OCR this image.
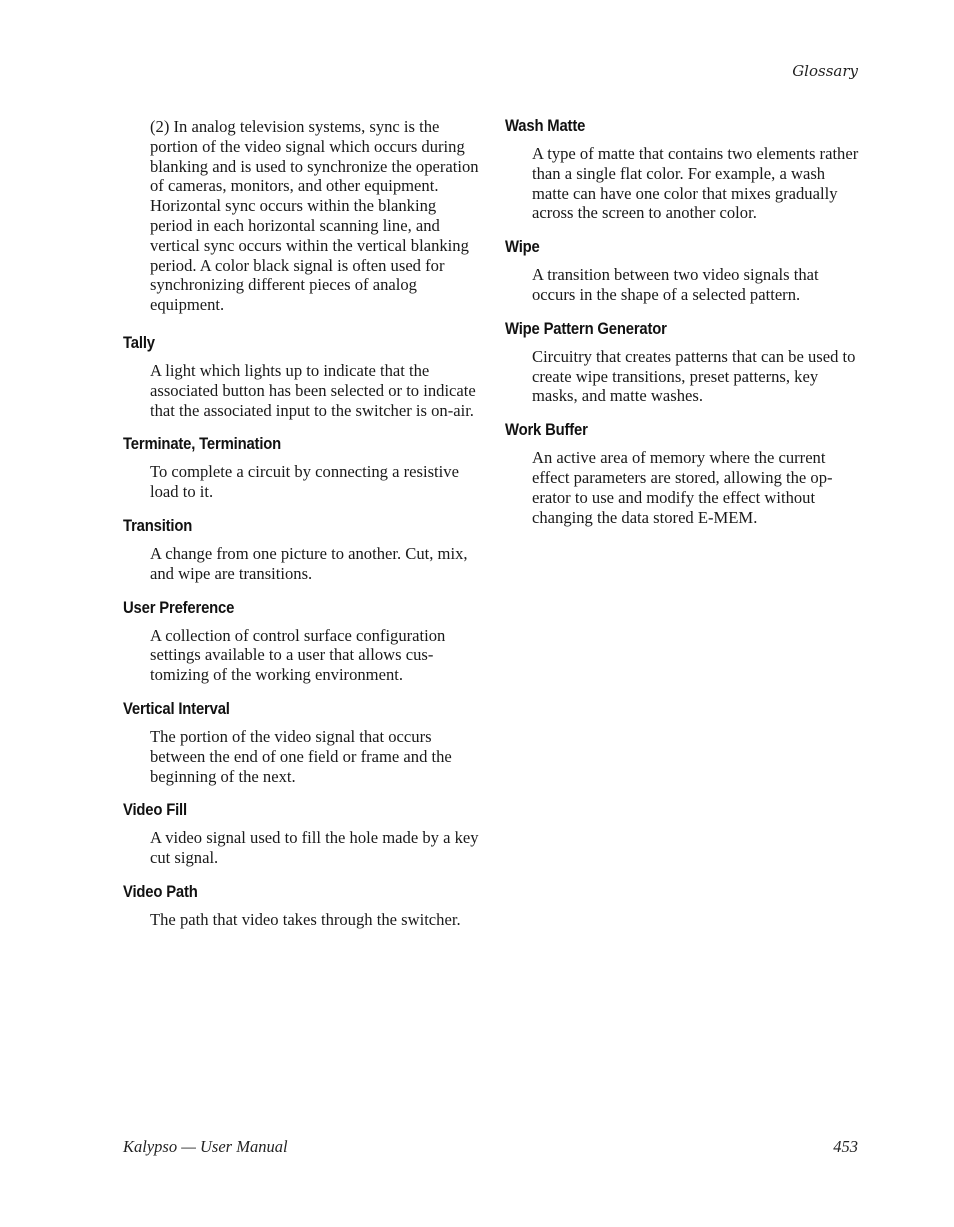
Glossary

(2) In analog television systems, sync is the portion of the video signal which occurs during blanking and is used to synchronize the operation of cameras, monitors, and other equipment. Horizontal sync occurs within the blanking period in each horizontal scanning line, and vertical sync occurs within the vertical blanking period. A color black signal is often used for synchronizing different pieces of analog equipment.

Tally

A light which lights up to indicate that the associated button has been selected or to indicate that the associated input to the switcher is on-air.

Terminate, Termination

To complete a circuit by connecting a resistive load to it.

Transition

A change from one picture to another. Cut, mix, and wipe are transitions.

User Preference

A collection of control surface configuration settings available to a user that allows customizing of the working environment.

Vertical Interval

The portion of the video signal that occurs between the end of one field or frame and the beginning of the next.

Video Fill

A video signal used to fill the hole made by a key cut signal.

Video Path

The path that video takes through the switcher.

Wash Matte

A type of matte that contains two elements rather than a single flat color. For example, a wash matte can have one color that mixes gradually across the screen to another color.

Wipe

A transition between two video signals that occurs in the shape of a selected pattern.

Wipe Pattern Generator

Circuitry that creates patterns that can be used to create wipe transitions, preset patterns, key masks, and matte washes.

Work Buffer

An active area of memory where the current effect parameters are stored, allowing the operator to use and modify the effect without changing the data stored E-MEM.

Kalypso — User Manual	453
